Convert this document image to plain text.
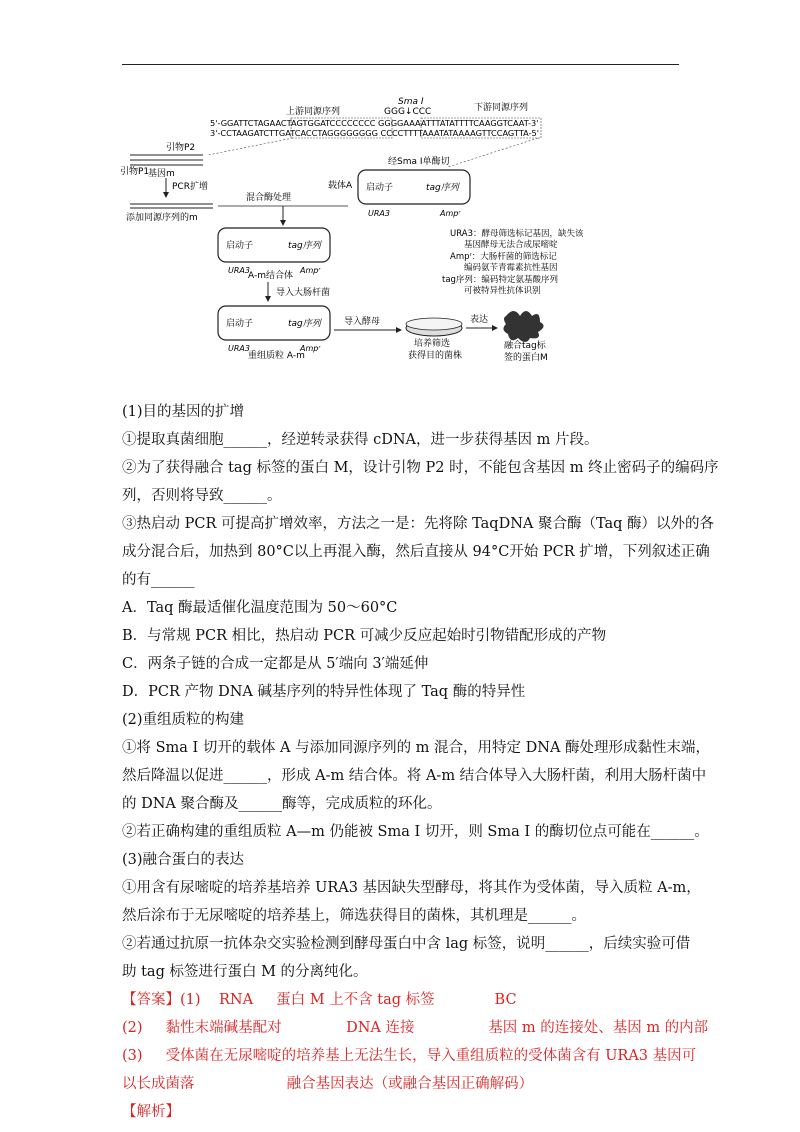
Sma I
GGG↓CCC
上游同源序列	下游同源序列
5'-GGATTCTAGAACTAGTGGATCCCCCCCC GGGGAAAATTTATATTTTCAAGGTCAAT-3'
3'-CCTAAGATCTTGATCACCTAGGGGGGGG CCCCTTTTAAATATAAAAGTTCCAGTTA-5'
引物P2
基因m
引物P1
PCR扩增
添加同源序列的m
经Sma I单酶切
载体A 启动子	tag序列
URA3	Ampʳ
混合酶处理
启动子	tag序列
URA3	Ampʳ
A-m结合体
导入大肠杆菌
启动子	tag序列
URA3	Ampʳ
重组质粒 A-m
导入酵母
培养筛选
获得目的菌株
表达
融合tag标
签的蛋白M
URA3：酵母筛选标记基因，缺失该
基因酵母无法合成尿嘧啶
Ampʳ：大肠杆菌的筛选标记
编码氨苄青霉素抗性基因
tag序列：编码特定氨基酸序列
可被特异性抗体识别
(1)目的基因的扩增
①提取真菌细胞______，经逆转录获得 cDNA，进一步获得基因 m 片段。
②为了获得融合 tag 标签的蛋白 M，设计引物 P2 时，不能包含基因 m 终止密码子的编码序
列，否则将导致______。
③热启动 PCR 可提高扩增效率，方法之一是：先将除 TaqDNA 聚合酶（Taq 酶）以外的各
成分混合后，加热到 80°C以上再混入酶，然后直接从 94°C开始 PCR 扩增，下列叙述正确
的有______
A．Taq 酶最适催化温度范围为 50～60°C
B．与常规 PCR 相比，热启动 PCR 可减少反应起始时引物错配形成的产物
C．两条子链的合成一定都是从 5′端向 3′端延伸
D．PCR 产物 DNA 碱基序列的特异性体现了 Taq 酶的特异性
(2)重组质粒的构建
①将 Sma I 切开的载体 A 与添加同源序列的 m 混合，用特定 DNA 酶处理形成黏性末端，
然后降温以促进______，形成 A-m 结合体。将 A-m 结合体导入大肠杆菌，利用大肠杆菌中
的 DNA 聚合酶及______酶等，完成质粒的环化。
②若正确构建的重组质粒 A—m 仍能被 Sma I 切开，则 Sma I 的酶切位点可能在______。
(3)融合蛋白的表达
①用含有尿嘧啶的培养基培养 URA3 基因缺失型酵母，将其作为受体菌，导入质粒 A-m，
然后涂布于无尿嘧啶的培养基上，筛选获得目的菌株，其机理是______。
②若通过抗原一抗体杂交实验检测到酵母蛋白中含 lag 标签，说明______，后续实验可借
助 tag 标签进行蛋白 M 的分离纯化。
【答案】(1)    RNA     蛋白 M 上不含 tag 标签             BC
(2)     黏性末端碱基配对              DNA 连接                基因 m 的连接处、基因 m 的内部
(3)     受体菌在无尿嘧啶的培养基上无法生长，导入重组质粒的受体菌含有 URA3 基因可
以长成菌落                    融合基因表达（或融合基因正确解码）
【解析】
